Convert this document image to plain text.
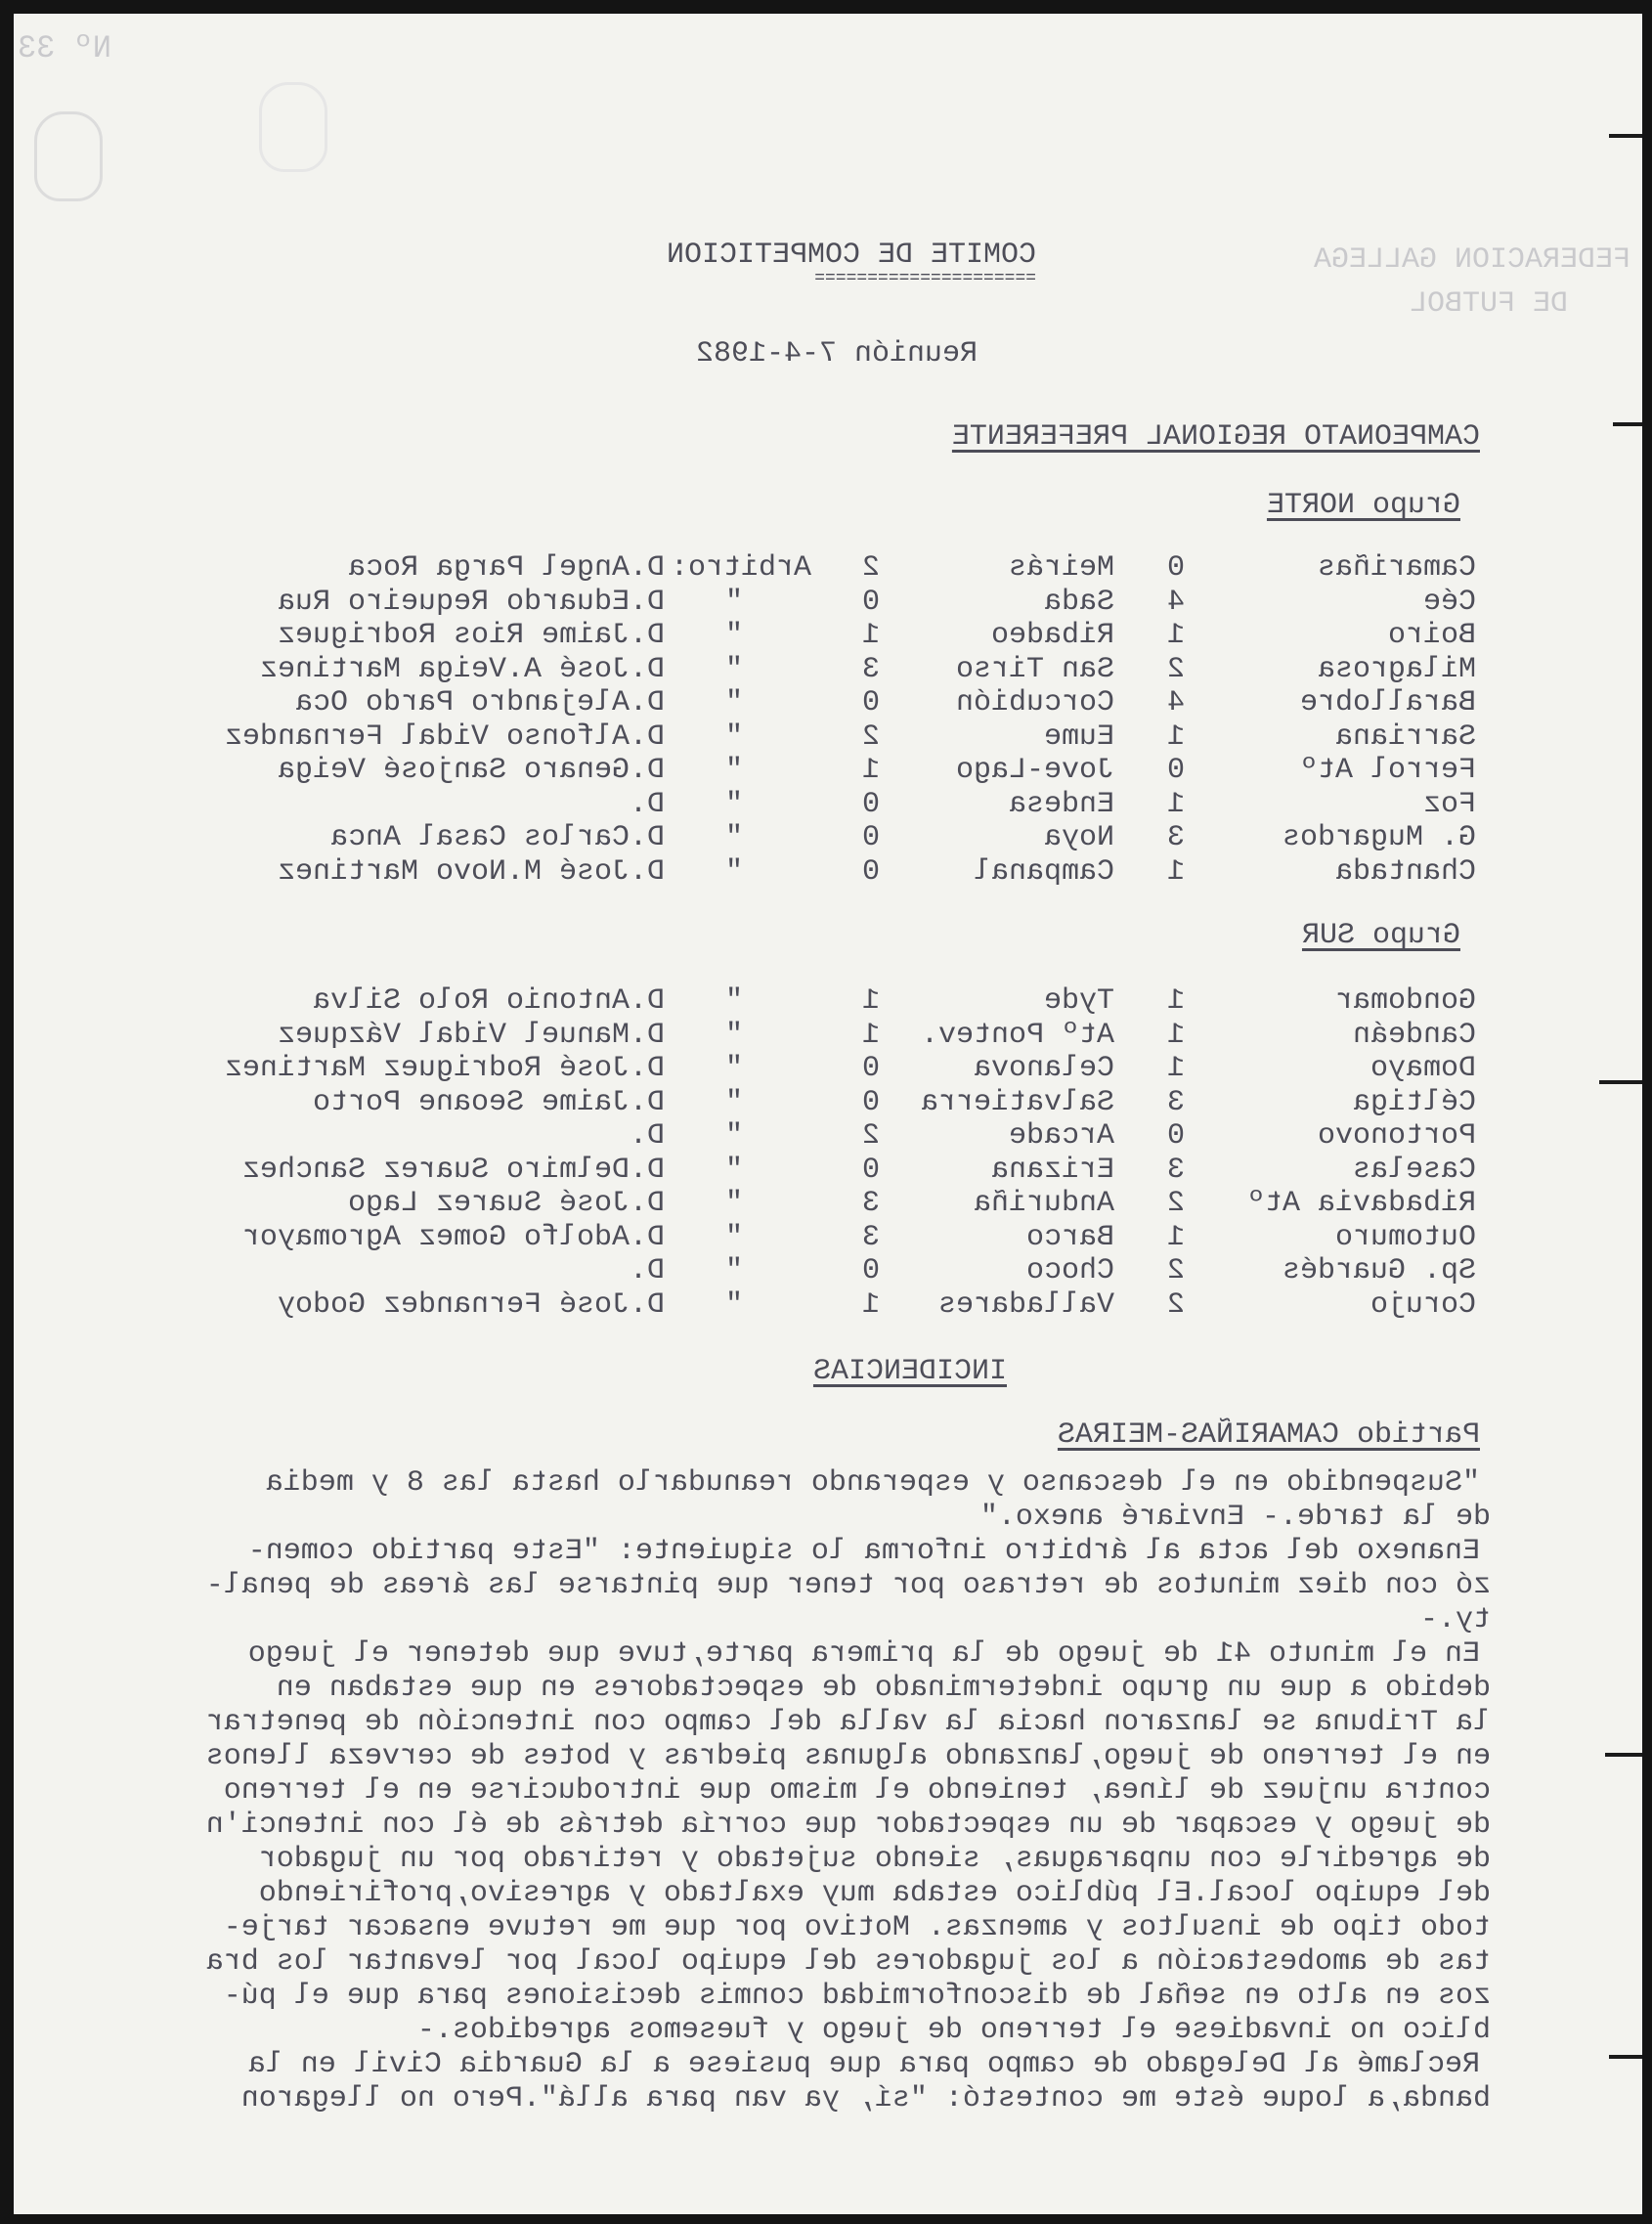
Nº 33
FEDERACION GALLEGA
DE FUTBOL
COMITE DE COMPETICION
=====================
Reunión 7-4-1982
CAMPEONATO REGIONAL PREFERENTE
Grupo NORTE
Camariñas
0
Meirás
2
Arbitro:
D.Angel Parga Roca
Cée
4
Sada
0
"
D.Eduardo Requeiro Rua
Boiro
1
Ribadeo
1
"
D.Jaime Rios Rodriguez
Milagrosa
2
San Tirso
3
"
D.José A.Veiga Martinez
Barallobre
4
Corcubión
0
"
D.Alejandro Pardo Oca
Sarriana
1
Eume
2
"
D.Alfonso Vidal Fernandez
Ferrol Atº
0
Jove-Lago
1
"
D.Genaro Sanjosé Veiga
Foz
1
Endesa
0
"
D.
G. Mugardos
3
Noya
0
"
D.Carlos Casal Anca
Chantada
1
Campanal
0
"
D.José M.Novo Martinez
Grupo SUR
Gondomar
1
Tyde
1
"
D.Antonio Rolo Silva
Candeán
1
Atº Pontev.
1
"
D.Manuel Vidal Vázquez
Domayo
1
Celanova
0
"
D.José Rodriguez Martinez
Céltiga
3
Salvatierra
0
"
D.Jaime Seoane Porto
Portonovo
0
Arcade
2
"
D.
Caselas
3
Erizana
0
"
D.Delmiro Suarez Sanchez
Ribadavia Atº
2
Anduriña
3
"
D.José Suarez Lago
Outomuro
1
Barco
3
"
D.Adolfo Gomez Agromayor
Sp. Guardés
2
Choco
0
"
D.
Corujo
2
Valladares
1
"
D.José Fernandez Godoy
INCIDENCIAS
Partido CAMARIÑAS-MEIRAS
"Suspendido en el descanso y esperando reanudarlo hasta las 8 y media
de la tarde.- Enviaré anexo."
Enanexo del acta al árbitro informa lo siguiente: "Este partido comen-
zó con diez minutos de retraso por tener que pintarse las áreas de penal-
ty.-
En el minuto 41 de juego de la primera parte,tuve que detener el juego
debido a que un grupo indeterminado de espectadores en que estaban en
la Tribuna se lanzaron hacia la valla del campo con intención de penetrar
en el terreno de juego,lanzando algunas piedras y botes de cerveza llenos
contra unjuez de línea, teniendo el mismo que introducirse en el terreno
de juego y escapar de un espectador que corría detrás de él con intenci'n
de agredirle con unparaguas, siendo sujetado y retirado por un jugador
del equipo local.El público estaba muy exaltado y agresivo,profiriendo
todo tipo de insultos y amenzas. Motivo por que me retuve ensacar tarje-
tas de amobestación a los jugadores del equipo local por levantar los bra
zos en alto en señal de disconformidad conmis decisiones para que el pú-
blico no invadiese el terreno de juego y fuesemos agredidos.-
Reclamé al Delegado de campo para que pusiese a la Guardia Civil en la
banda,a loque éste me contestó: "sí, ya van para allá".Pero no llegaron
